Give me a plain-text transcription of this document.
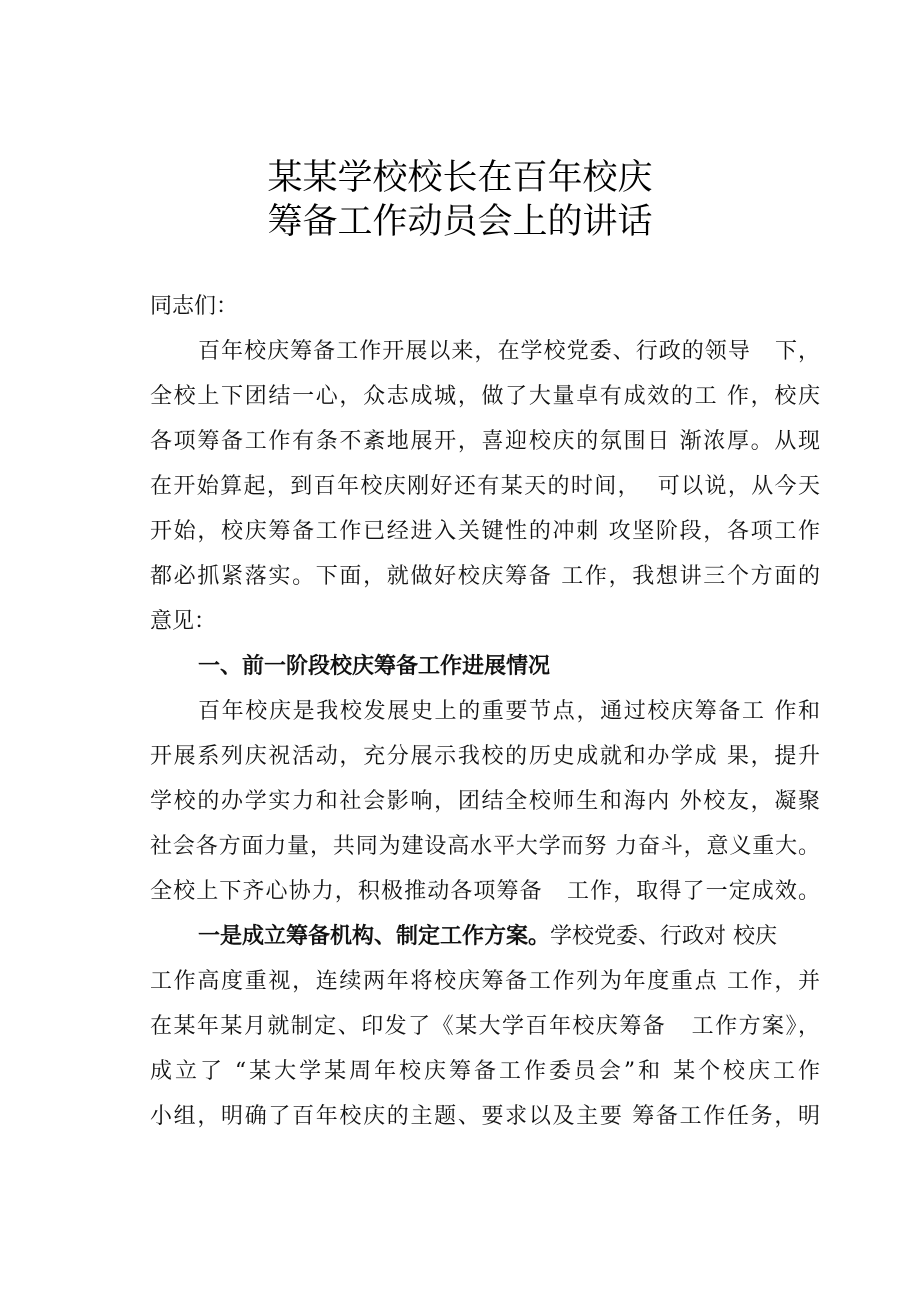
某某学校校长在百年校庆
筹备工作动员会上的讲话
同志们：
百年校庆筹备工作开展以来，在学校党委、行政的领导   下，
全校上下团结一心，众志成城，做了大量卓有成效的工 作，校庆
各项筹备工作有条不紊地展开，喜迎校庆的氛围日 渐浓厚。从现
在开始算起，到百年校庆刚好还有某天的时间，  可以说，从今天
开始，校庆筹备工作已经进入关键性的冲刺 攻坚阶段，各项工作
都必抓紧落实。下面，就做好校庆筹备 工作，我想讲三个方面的
意见：
一、前一阶段校庆筹备工作进展情况
百年校庆是我校发展史上的重要节点，通过校庆筹备工 作和
开展系列庆祝活动，充分展示我校的历史成就和办学成 果，提升
学校的办学实力和社会影响，团结全校师生和海内 外校友，凝聚
社会各方面力量，共同为建设高水平大学而努 力奋斗，意义重大。
全校上下齐心协力，积极推动各项筹备   工作，取得了一定成效。
一是成立筹备机构、制定工作方案。学校党委、行政对 校庆
工作高度重视，连续两年将校庆筹备工作列为年度重点 工作，并
在某年某月就制定、印发了《某大学百年校庆筹备   工作方案》，
成立了 “某大学某周年校庆筹备工作委员会”和 某个校庆工作
小组，明确了百年校庆的主题、要求以及主要 筹备工作任务，明
